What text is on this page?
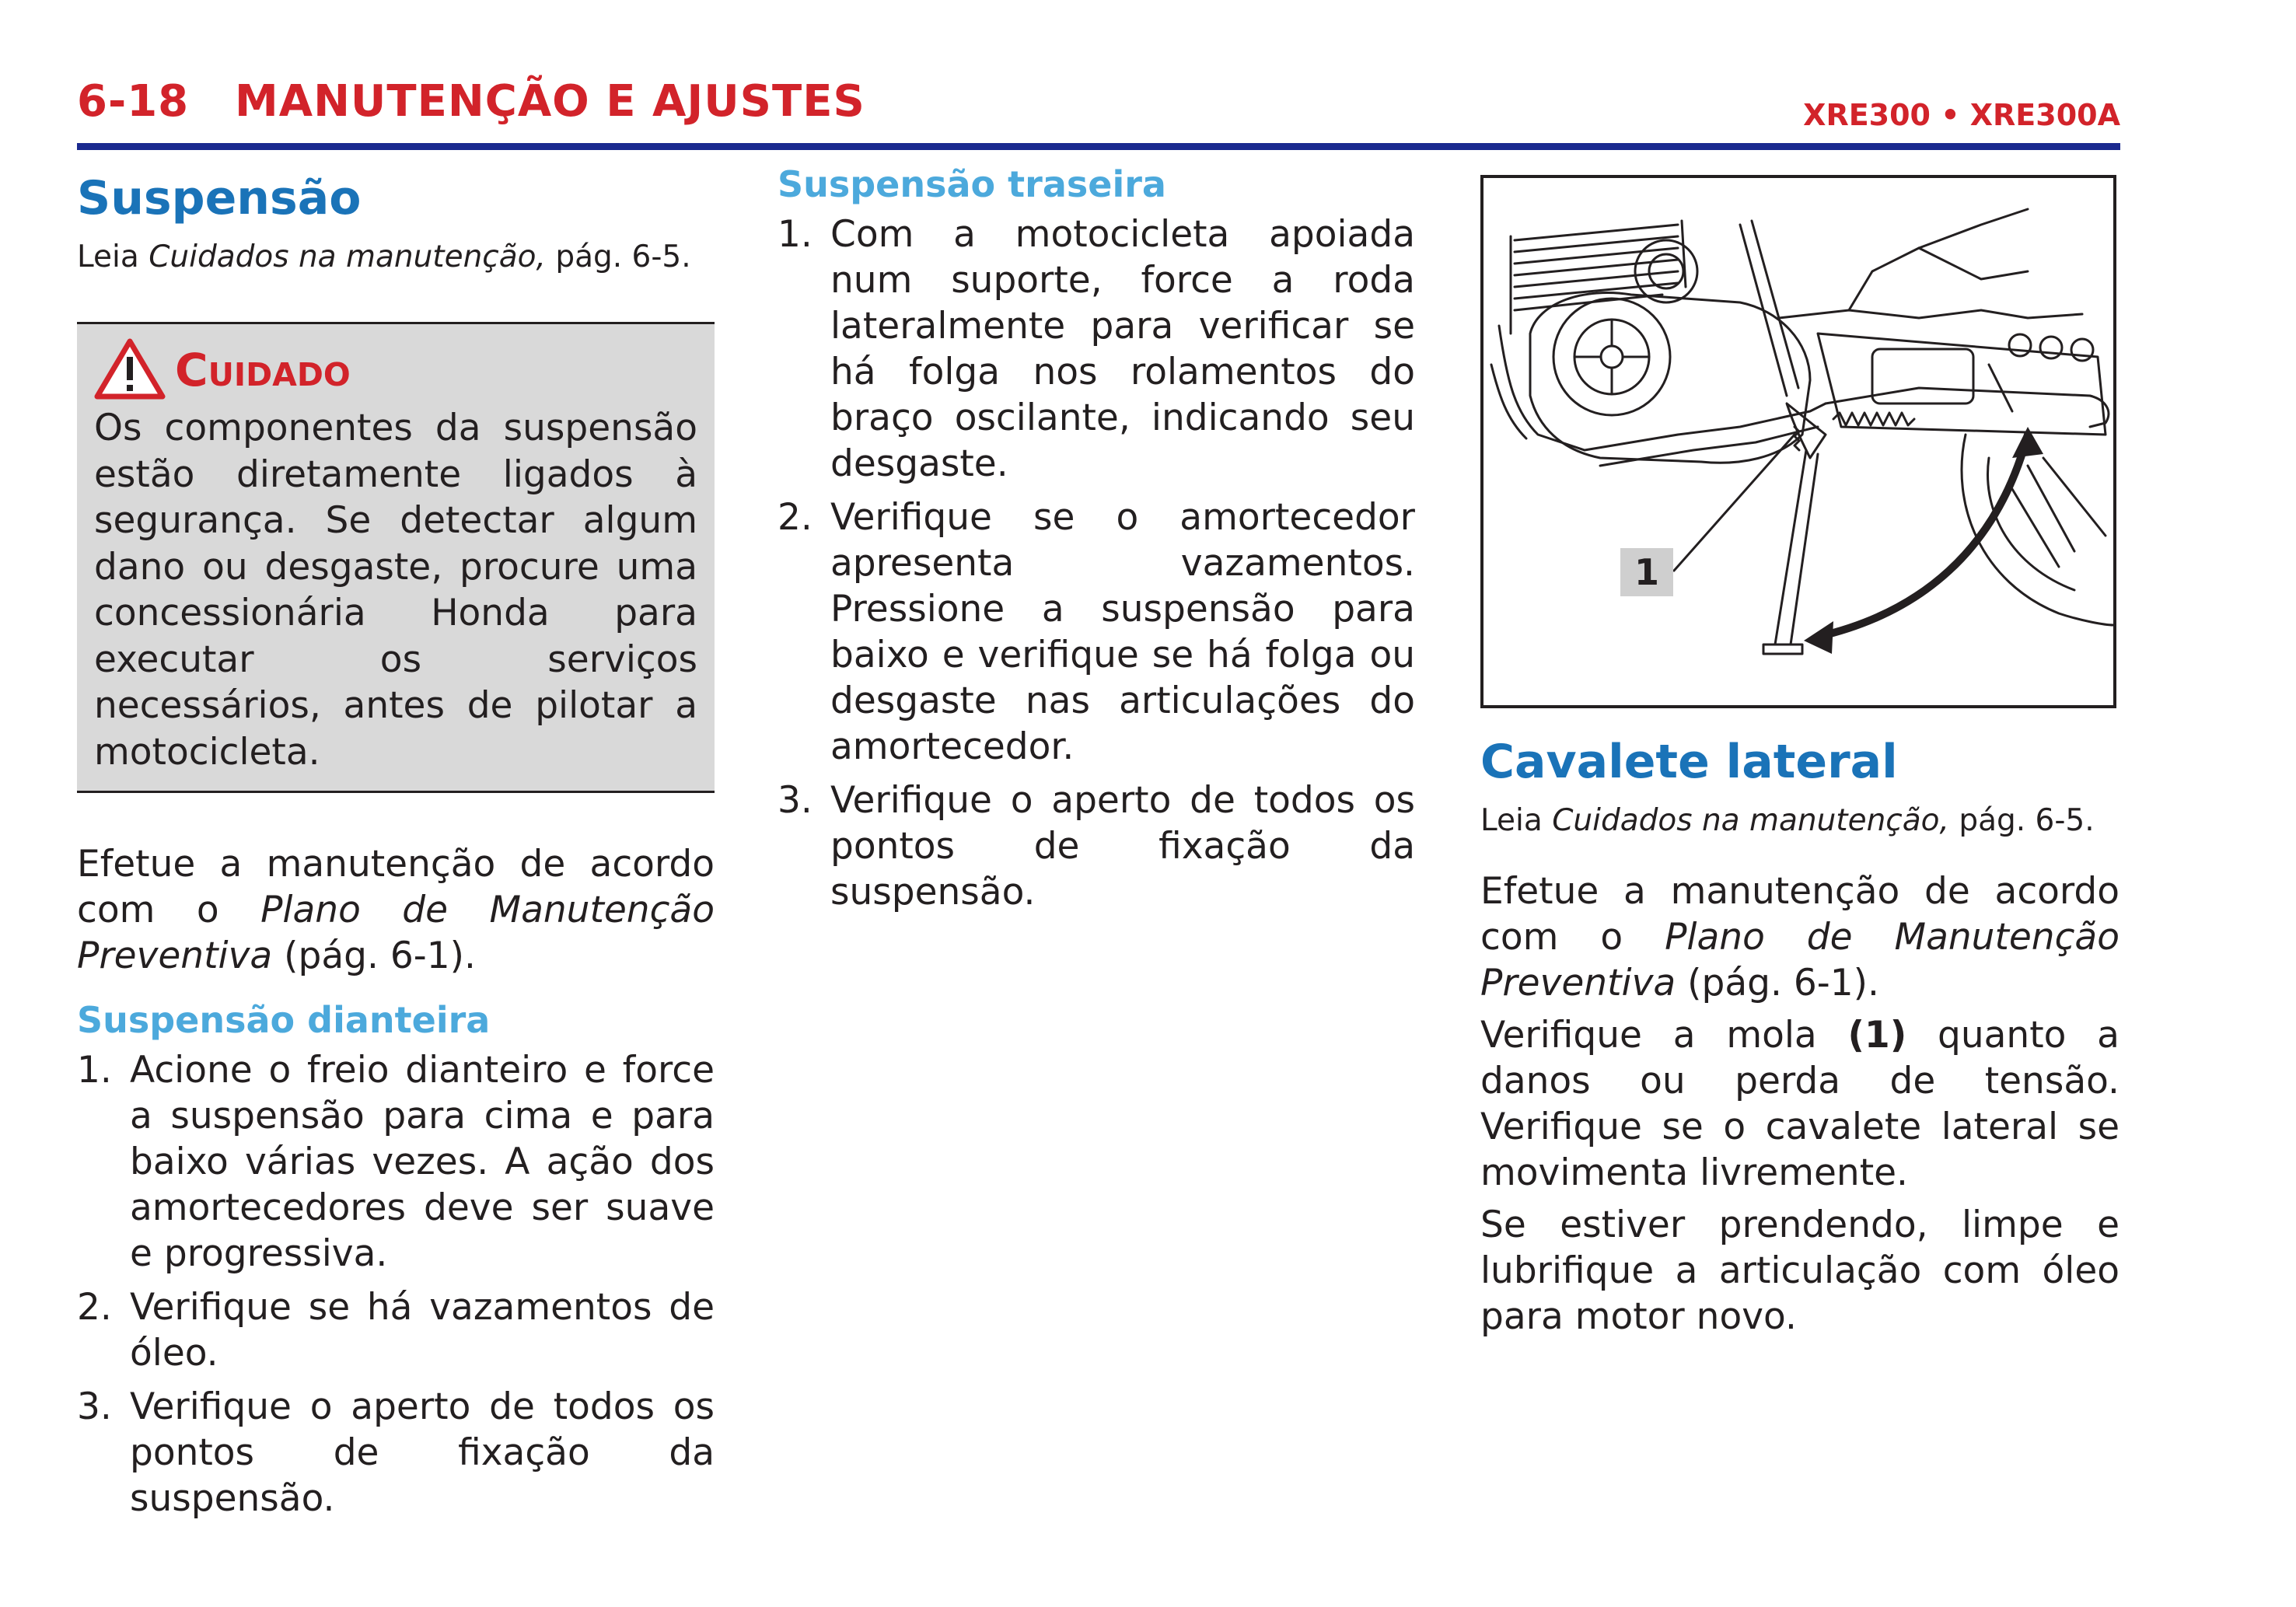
6-18 MANUTENÇÃO E AJUSTES	XRE300 • XRE300A
Suspensão

Leia Cuidados na manutenção, pág. 6-5.

Cuidado

Os componentes da suspensão estão diretamente ligados à segurança. Se detectar algum dano ou desgaste, procure uma concessionária Honda para executar os serviços necessários, antes de pilotar a motocicleta.

Efetue a manutenção de acordo com o Plano de Manutenção Preventiva (pág. 6-1).

Suspensão dianteira
1. Acione o freio dianteiro e force a suspensão para cima e para baixo várias vezes. A ação dos amortecedores deve ser suave e progressiva.
2. Verifique se há vazamentos de óleo.
3. Verifique o aperto de todos os pontos de fixação da suspensão.
Suspensão traseira
1. Com a motocicleta apoiada num suporte, force a roda lateralmente para verificar se há folga nos rolamentos do braço oscilante, indicando seu desgaste.
2. Verifique se o amortecedor apresenta vazamentos. Pressione a suspensão para baixo e verifique se há folga ou desgaste nas articulações do amortecedor.
3. Verifique o aperto de todos os pontos de fixação da suspensão.
1
Cavalete lateral

Leia Cuidados na manutenção, pág. 6-5.

Efetue a manutenção de acordo com o Plano de Manutenção Preventiva (pág. 6-1).

Verifique a mola (1) quanto a danos ou perda de tensão. Verifique se o cavalete lateral se movimenta livremente.

Se estiver prendendo, limpe e lubrifique a articulação com óleo para motor novo.
